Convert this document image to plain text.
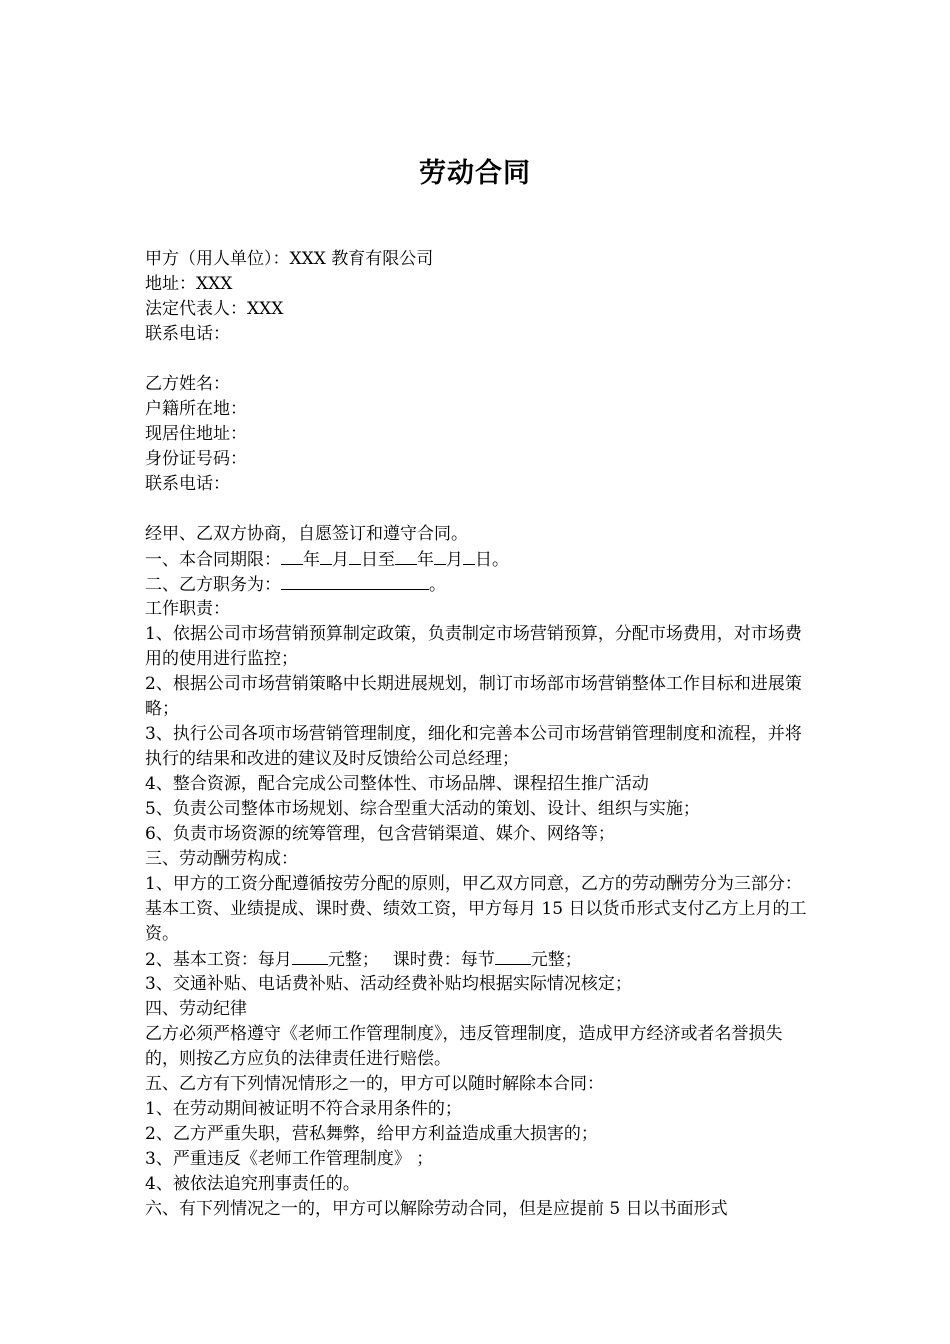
劳动合同
甲方（用人单位）：XXX 教育有限公司
地址：XXX
法定代表人：XXX
联系电话：
乙方姓名：
户籍所在地：
现居住地址：
身份证号码：
联系电话：
经甲、乙双方协商，自愿签订和遵守合同。
一、本合同期限： 年 月 日至 年 月 日。
二、乙方职务为：	。
工作职责：
1、依据公司市场营销预算制定政策，负责制定市场营销预算，分配市场费用，对市场费用的使用进行监控；
2、根据公司市场营销策略中长期进展规划，制订市场部市场营销整体工作目标和进展策略；
3、执行公司各项市场营销管理制度，细化和完善本公司市场营销管理制度和流程，并将执行的结果和改进的建议及时反馈给公司总经理；
4、整合资源，配合完成公司整体性、市场品牌、课程招生推广活动
5、负责公司整体市场规划、综合型重大活动的策划、设计、组织与实施；
6、负责市场资源的统筹管理，包含营销渠道、媒介、网络等；
三、劳动酬劳构成：
1、甲方的工资分配遵循按劳分配的原则，甲乙双方同意，乙方的劳动酬劳分为三部分：基本工资、业绩提成、课时费、绩效工资，甲方每月 15 日以货币形式支付乙方上月的工资。
2、基本工资：每月 元整；　 课时费：每节 元整；
3、交通补贴、电话费补贴、活动经费补贴均根据实际情况核定；
四、劳动纪律
乙方必须严格遵守《老师工作管理制度》，违反管理制度，造成甲方经济或者名誉损失的，则按乙方应负的法律责任进行赔偿。
五、乙方有下列情况情形之一的，甲方可以随时解除本合同：
1、在劳动期间被证明不符合录用条件的；
2、乙方严重失职，营私舞弊，给甲方利益造成重大损害的；
3、严重违反《老师工作管理制度》 ；
4、被依法追究刑事责任的。
六、有下列情况之一的，甲方可以解除劳动合同，但是应提前 5 日以书面形式
